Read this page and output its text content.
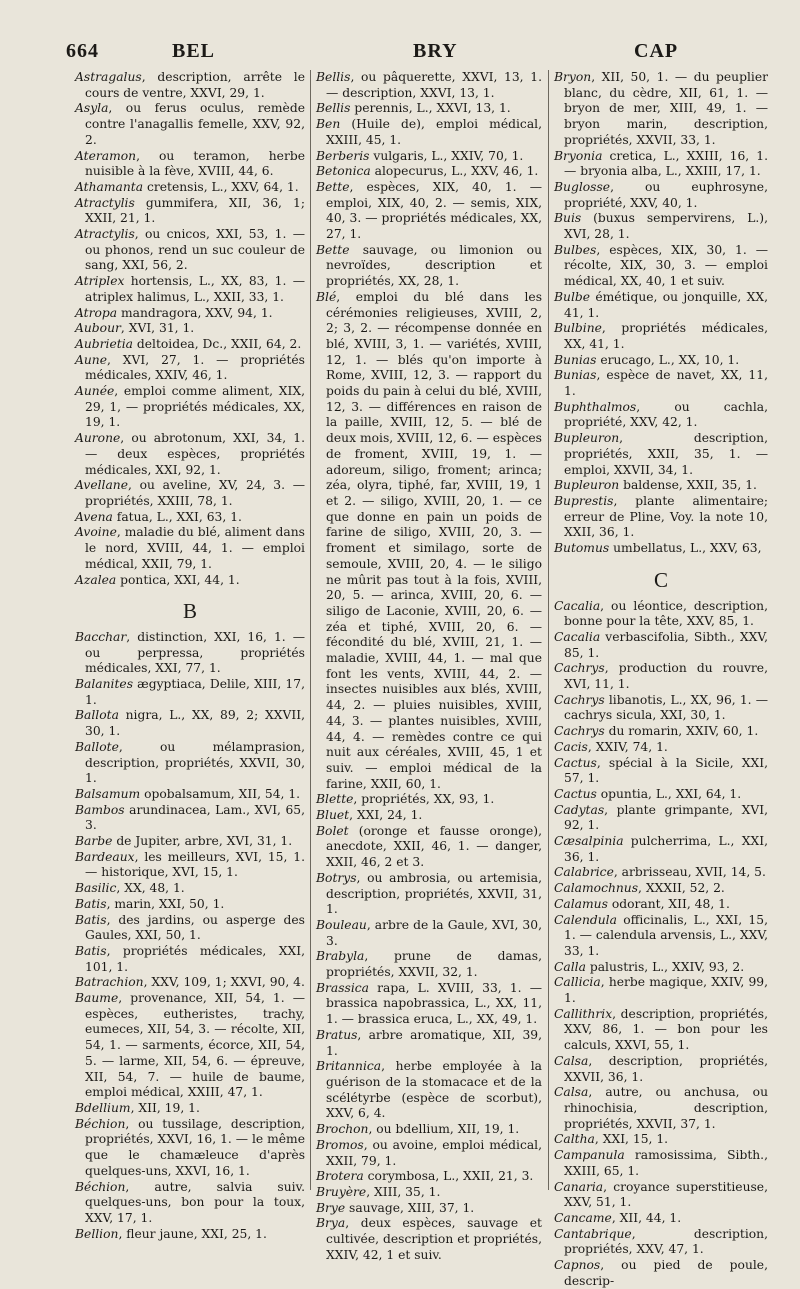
664	BEL	BRY	CAP
Astragalus, description, arrête le cours de ventre, XXVI, 29, 1.
Asyla, ou ferus oculus, remède contre l'anagallis femelle, XXV, 92, 2.
Ateramon, ou teramon, herbe nuisible à la fève, XVIII, 44, 6.
Athamanta cretensis, L., XXV, 64, 1.
Atractylis gummifera, XII, 36, 1; XXII, 21, 1.
Atractylis, ou cnicos, XXI, 53, 1. — ou phonos, rend un suc couleur de sang, XXI, 56, 2.
Atriplex hortensis, L., XX, 83, 1. — atriplex halimus, L., XXII, 33, 1.
Atropa mandragora, XXV, 94, 1.
Aubour, XVI, 31, 1.
Aubrietia deltoidea, Dc., XXII, 64, 2.
Aune, XVI, 27, 1. — propriétés médicales, XXIV, 46, 1.
Aunée, emploi comme aliment, XIX, 29, 1, — propriétés médicales, XX, 19, 1.
Aurone, ou abrotonum, XXI, 34, 1. — deux espèces, propriétés médicales, XXI, 92, 1.
Avellane, ou aveline, XV, 24, 3. — propriétés, XXIII, 78, 1.
Avena fatua, L., XXI, 63, 1.
Avoine, maladie du blé, aliment dans le nord, XVIII, 44, 1. — emploi médical, XXII, 79, 1.
Azalea pontica, XXI, 44, 1.
B
Bacchar, distinction, XXI, 16, 1. — ou perpressa, propriétés médicales, XXI, 77, 1.
Balanites ægyptiaca, Delile, XIII, 17, 1.
Ballota nigra, L., XX, 89, 2; XXVII, 30, 1.
Ballote, ou mélamprasion, description, propriétés, XXVII, 30, 1.
Balsamum opobalsamum, XII, 54, 1.
Bambos arundinacea, Lam., XVI, 65, 3.
Barbe de Jupiter, arbre, XVI, 31, 1.
Bardeaux, les meilleurs, XVI, 15, 1. — historique, XVI, 15, 1.
Basilic, XX, 48, 1.
Batis, marin, XXI, 50, 1.
Batis, des jardins, ou asperge des Gaules, XXI, 50, 1.
Batis, propriétés médicales, XXI, 101, 1.
Batrachion, XXV, 109, 1; XXVI, 90, 4.
Baume, provenance, XII, 54, 1. — espèces, eutheristes, trachy, eumeces, XII, 54, 3. — récolte, XII, 54, 1. — sarments, écorce, XII, 54, 5. — larme, XII, 54, 6. — épreuve, XII, 54, 7. — huile de baume, emploi médical, XXIII, 47, 1.
Bdellium, XII, 19, 1.
Béchion, ou tussilage, description, propriétés, XXVI, 16, 1. — le même que le chamæleuce d'après quelques-uns, XXVI, 16, 1.
Béchion, autre, salvia suiv. quelques-uns, bon pour la toux, XXV, 17, 1.
Bellion, fleur jaune, XXI, 25, 1.
Bellis, ou pâquerette, XXVI, 13, 1. — description, XXVI, 13, 1.
Bellis perennis, L., XXVI, 13, 1.
Ben (Huile de), emploi médical, XXIII, 45, 1.
Berberis vulgaris, L., XXIV, 70, 1.
Betonica alopecurus, L., XXV, 46, 1.
Bette, espèces, XIX, 40, 1. — emploi, XIX, 40, 2. — semis, XIX, 40, 3. — propriétés médicales, XX, 27, 1.
Bette sauvage, ou limonion ou nevroïdes, description et propriétés, XX, 28, 1.
Blé, emploi du blé dans les cérémonies religieuses, XVIII, 2, 2; 3, 2. — récompense donnée en blé, XVIII, 3, 1. — variétés, XVIII, 12, 1. — blés qu'on importe à Rome, XVIII, 12, 3. — rapport du poids du pain à celui du blé, XVIII, 12, 3. — différences en raison de la paille, XVIII, 12, 5. — blé de deux mois, XVIII, 12, 6. — espèces de froment, XVIII, 19, 1. — adoreum, siligo, froment; arinca; zéa, olyra, tiphé, far, XVIII, 19, 1 et 2. — siligo, XVIII, 20, 1. — ce que donne en pain un poids de farine de siligo, XVIII, 20, 3. — froment et similago, sorte de semoule, XVIII, 20, 4. — le siligo ne mûrit pas tout à la fois, XVIII, 20, 5. — arinca, XVIII, 20, 6. — siligo de Laconie, XVIII, 20, 6. — zéa et tiphé, XVIII, 20, 6. — fécondité du blé, XVIII, 21, 1. — maladie, XVIII, 44, 1. — mal que font les vents, XVIII, 44, 2. — insectes nuisibles aux blés, XVIII, 44, 2. — pluies nuisibles, XVIII, 44, 3. — plantes nuisibles, XVIII, 44, 4. — remèdes contre ce qui nuit aux céréales, XVIII, 45, 1 et suiv. — emploi médical de la farine, XXII, 60, 1.
Blette, propriétés, XX, 93, 1.
Bluet, XXI, 24, 1.
Bolet (oronge et fausse oronge), anecdote, XXII, 46, 1. — danger, XXII, 46, 2 et 3.
Botrys, ou ambrosia, ou artemisia, description, propriétés, XXVII, 31, 1.
Bouleau, arbre de la Gaule, XVI, 30, 3.
Brabyla, prune de damas, propriétés, XXVII, 32, 1.
Brassica rapa, L. XVIII, 33, 1. — brassica napobrassica, L., XX, 11, 1. — brassica eruca, L., XX, 49, 1.
Bratus, arbre aromatique, XII, 39, 1.
Britannica, herbe employée à la guérison de la stomacace et de la scélétyrbe (espèce de scorbut), XXV, 6, 4.
Brochon, ou bdellium, XII, 19, 1.
Bromos, ou avoine, emploi médical, XXII, 79, 1.
Brotera corymbosa, L., XXII, 21, 3.
Bruyère, XIII, 35, 1.
Brye sauvage, XIII, 37, 1.
Brya, deux espèces, sauvage et cultivée, description et propriétés, XXIV, 42, 1 et suiv.
Bryon, XII, 50, 1. — du peuplier blanc, du cèdre, XII, 61, 1. — bryon de mer, XIII, 49, 1. — bryon marin, description, propriétés, XXVII, 33, 1.
Bryonia cretica, L., XXIII, 16, 1. — bryonia alba, L., XXIII, 17, 1.
Buglosse, ou euphrosyne, propriété, XXV, 40, 1.
Buis (buxus sempervirens, L.), XVI, 28, 1.
Bulbes, espèces, XIX, 30, 1. — récolte, XIX, 30, 3. — emploi médical, XX, 40, 1 et suiv.
Bulbe émétique, ou jonquille, XX, 41, 1.
Bulbine, propriétés médicales, XX, 41, 1.
Bunias erucago, L., XX, 10, 1.
Bunias, espèce de navet, XX, 11, 1.
Buphthalmos, ou cachla, propriété, XXV, 42, 1.
Bupleuron, description, propriétés, XXII, 35, 1. — emploi, XXVII, 34, 1.
Bupleuron baldense, XXII, 35, 1.
Buprestis, plante alimentaire; erreur de Pline, Voy. la note 10, XXII, 36, 1.
Butomus umbellatus, L., XXV, 63,
C
Cacalia, ou léontice, description, bonne pour la tête, XXV, 85, 1.
Cacalia verbascifolia, Sibth., XXV, 85, 1.
Cachrys, production du rouvre, XVI, 11, 1.
Cachrys libanotis, L., XX, 96, 1. — cachrys sicula, XXI, 30, 1.
Cachrys du romarin, XXIV, 60, 1.
Cacis, XXIV, 74, 1.
Cactus, spécial à la Sicile, XXI, 57, 1.
Cactus opuntia, L., XXI, 64, 1.
Cadytas, plante grimpante, XVI, 92, 1.
Cæsalpinia pulcherrima, L., XXI, 36, 1.
Calabrice, arbrisseau, XVII, 14, 5.
Calamochnus, XXXII, 52, 2.
Calamus odorant, XII, 48, 1.
Calendula officinalis, L., XXI, 15, 1. — calendula arvensis, L., XXV, 33, 1.
Calla palustris, L., XXIV, 93, 2.
Callicia, herbe magique, XXIV, 99, 1.
Callithrix, description, propriétés, XXV, 86, 1. — bon pour les calculs, XXVI, 55, 1.
Calsa, description, propriétés, XXVII, 36, 1.
Calsa, autre, ou anchusa, ou rhinochisia, description, propriétés, XXVII, 37, 1.
Caltha, XXI, 15, 1.
Campanula ramosissima, Sibth., XXIII, 65, 1.
Canaria, croyance superstitieuse, XXV, 51, 1.
Cancame, XII, 44, 1.
Cantabrique, description, propriétés, XXV, 47, 1.
Capnos, ou pied de poule, descrip-
